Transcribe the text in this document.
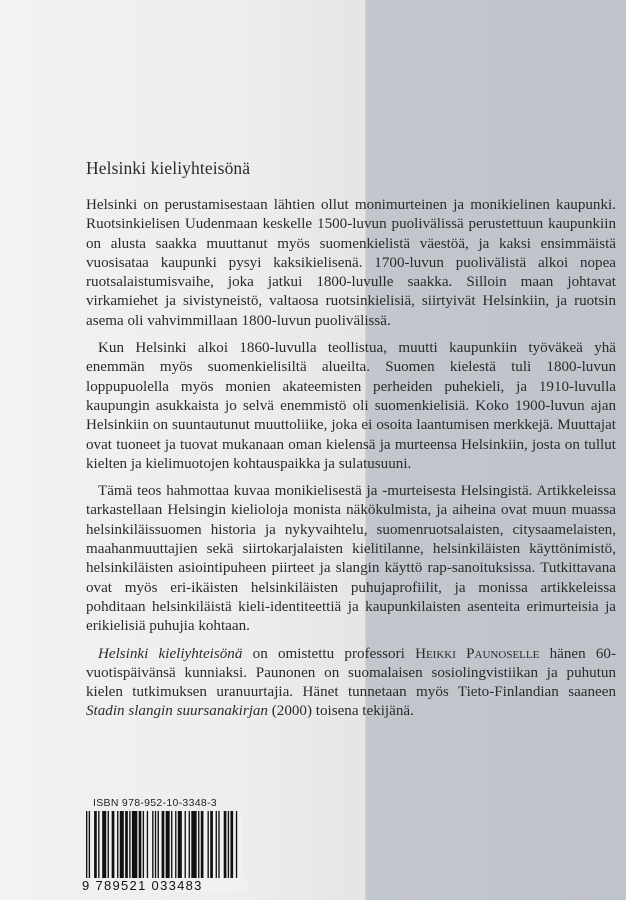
Helsinki kieliyhteisönä

Helsinki on perustamisestaan lähtien ollut monimurteinen ja monikielinen kaupunki. Ruotsinkielisen Uudenmaan keskelle 1500-luvun puolivälissä perustettuun kaupunkiin on alusta saakka muuttanut myös suomenkielistä väestöä, ja kaksi ensimmäistä vuosisataa kaupunki pysyi kaksikielisenä. 1700-luvun puolivälistä alkoi nopea ruotsalaistumisvaihe, joka jatkui 1800-luvulle saakka. Silloin maan johtavat virkamiehet ja sivistyneistö, valtaosa ruotsinkielisiä, siirtyivät Helsinkiin, ja ruotsin asema oli vahvimmillaan 1800-luvun puolivälissä.

Kun Helsinki alkoi 1860-luvulla teollistua, muutti kaupunkiin työväkeä yhä enemmän myös suomenkielisiltä alueilta. Suomen kielestä tuli 1800-luvun loppupuolella myös monien akateemisten perheiden puhekieli, ja 1910-luvulla kaupungin asukkaista jo selvä enemmistö oli suomenkielisiä. Koko 1900-luvun ajan Helsinkiin on suuntautunut muuttoliike, joka ei osoita laantumisen merkkejä. Muuttajat ovat tuoneet ja tuovat mukanaan oman kielensä ja murteensa Helsinkiin, josta on tullut kielten ja kielimuotojen kohtauspaikka ja sulatusuuni.

Tämä teos hahmottaa kuvaa monikielisestä ja -murteisesta Helsingistä. Artikkeleissa tarkastellaan Helsingin kielioloja monista näkökulmista, ja aiheina ovat muun muassa helsinkiläissuomen historia ja nykyvaihtelu, suomenruotsalaisten, citysaamelaisten, maahanmuuttajien sekä siirtokarjalaisten kielitilanne, helsinkiläisten käyttönimistö, helsinkiläisten asiointipuheen piirteet ja slangin käyttö rap-sanoituksissa. Tutkittavana ovat myös eri-ikäisten helsinkiläisten puhujaprofiilit, ja monissa artikkeleissa pohditaan helsinkiläistä kieli-identiteettiä ja kaupunkilaisten asenteita erimurteisia ja erikielisiä puhujia kohtaan.

Helsinki kieliyhteisönä on omistettu professori Heikki Paunoselle hänen 60-vuotispäivänsä kunniaksi. Paunonen on suomalaisen sosiolingvistiikan ja puhutun kielen tutkimuksen uranuurtajia. Hänet tunnetaan myös Tieto-Finlandian saaneen Stadin slangin suursanakirjan (2000) toisena tekijänä.

ISBN 978-952-10-3348-3
9 789521 033483
